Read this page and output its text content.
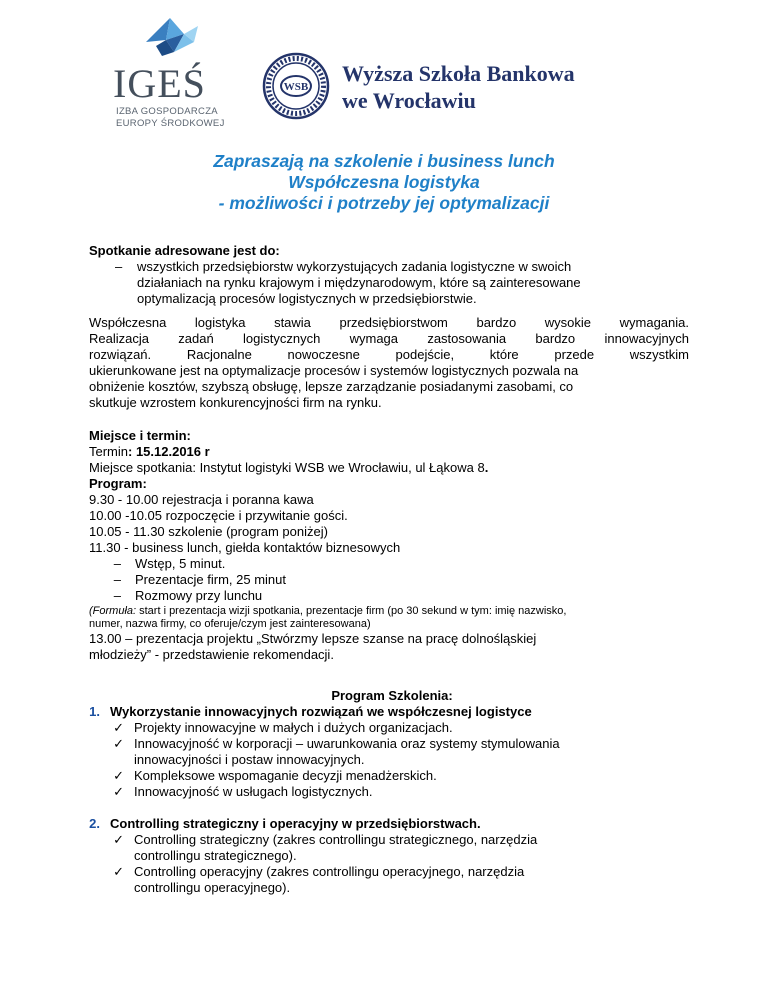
IGEŚ
IZBA GOSPODARCZA
EUROPY ŚRODKOWEJ
WSB
Wyższa Szkoła Bankowa
we Wrocławiu
Zapraszają na szkolenie i business lunch
Współczesna logistyka
- możliwości i potrzeby jej optymalizacji
Spotkanie adresowane jest do:
–	wszystkich przedsiębiorstw wykorzystujących zadania logistyczne w swoich
działaniach na rynku krajowym i międzynarodowym, które są zainteresowane
optymalizacją procesów logistycznych w przedsiębiorstwie.
Współczesna logistyka stawia przedsiębiorstwom bardzo wysokie wymagania.
Realizacja zadań logistycznych wymaga zastosowania bardzo innowacyjnych
rozwiązań. Racjonalne nowoczesne podejście, które przede wszystkim
ukierunkowane jest na optymalizacje procesów i systemów logistycznych pozwala na
obniżenie kosztów, szybszą obsługę, lepsze zarządzanie posiadanymi zasobami, co
skutkuje wzrostem konkurencyjności firm na rynku.
Miejsce i termin:
Termin: 15.12.2016 r
Miejsce spotkania: Instytut logistyki WSB we Wrocławiu, ul Łąkowa 8.
Program:
9.30 - 10.00 rejestracja i poranna kawa
10.00 -10.05 rozpoczęcie i przywitanie gości.
10.05 - 11.30 szkolenie (program poniżej)
11.30 - business lunch, giełda kontaktów biznesowych
–	Wstęp, 5 minut.
–	Prezentacje firm, 25 minut
–	Rozmowy przy lunchu
(Formuła: start i prezentacja wizji spotkania, prezentacje firm (po 30 sekund w tym: imię nazwisko,
numer, nazwa firmy, co oferuje/czym jest zainteresowana)
13.00 – prezentacja projektu „Stwórzmy lepsze szanse na pracę dolnośląskiej
młodzieży” - przedstawienie rekomendacji.
Program Szkolenia:
1. Wykorzystanie innowacyjnych rozwiązań we współczesnej logistyce
✓ Projekty innowacyjne w małych i dużych organizacjach.
✓ Innowacyjność w korporacji – uwarunkowania oraz systemy stymulowania
innowacyjności i postaw innowacyjnych.
✓ Kompleksowe wspomaganie decyzji menadżerskich.
✓ Innowacyjność w usługach logistycznych.
2. Controlling strategiczny i operacyjny w przedsiębiorstwach.
✓ Controlling strategiczny (zakres controllingu strategicznego, narzędzia
controllingu strategicznego).
✓ Controlling operacyjny (zakres controllingu operacyjnego, narzędzia
controllingu operacyjnego).
